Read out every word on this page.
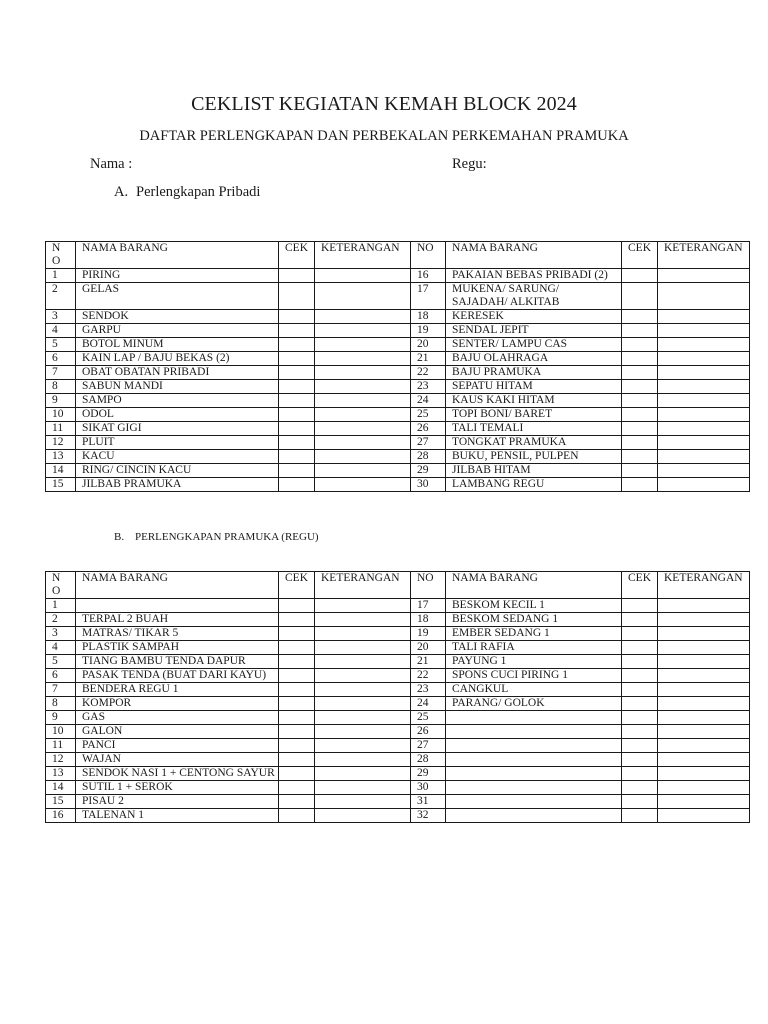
CEKLIST KEGIATAN KEMAH BLOCK 2024
DAFTAR PERLENGKAPAN DAN PERBEKALAN PERKEMAHAN PRAMUKA
Nama :	Regu:
A. Perlengkapan Pribadi
N
O	NAMA BARANG	CEK	KETERANGAN	NO	NAMA BARANG	CEK	KETERANGAN
1	PIRING			16	PAKAIAN BEBAS PRIBADI (2)		
2	GELAS			17	MUKENA/ SARUNG/ SAJADAH/ ALKITAB		
3	SENDOK			18	KERESEK		
4	GARPU			19	SENDAL JEPIT		
5	BOTOL MINUM			20	SENTER/ LAMPU CAS		
6	KAIN LAP / BAJU BEKAS (2)			21	BAJU OLAHRAGA		
7	OBAT OBATAN PRIBADI			22	BAJU PRAMUKA		
8	SABUN MANDI			23	SEPATU HITAM		
9	SAMPO			24	KAUS KAKI HITAM		
10	ODOL			25	TOPI BONI/ BARET		
11	SIKAT GIGI			26	TALI TEMALI		
12	PLUIT			27	TONGKAT PRAMUKA		
13	KACU			28	BUKU, PENSIL, PULPEN		
14	RING/ CINCIN KACU			29	JILBAB HITAM		
15	JILBAB PRAMUKA			30	LAMBANG REGU		
B. PERLENGKAPAN PRAMUKA (REGU)
N
O	NAMA BARANG	CEK	KETERANGAN	NO	NAMA BARANG	CEK	KETERANGAN
1				17	BESKOM KECIL 1		
2	TERPAL 2 BUAH			18	BESKOM SEDANG 1		
3	MATRAS/ TIKAR 5			19	EMBER SEDANG 1		
4	PLASTIK SAMPAH			20	TALI RAFIA		
5	TIANG BAMBU TENDA DAPUR			21	PAYUNG 1		
6	PASAK TENDA (BUAT DARI KAYU)			22	SPONS CUCI PIRING 1		
7	BENDERA REGU 1			23	CANGKUL		
8	KOMPOR			24	PARANG/ GOLOK		
9	GAS			25			
10	GALON			26			
11	PANCI			27			
12	WAJAN			28			
13	SENDOK NASI 1 + CENTONG SAYUR			29			
14	SUTIL 1 + SEROK			30			
15	PISAU 2			31			
16	TALENAN 1			32			
